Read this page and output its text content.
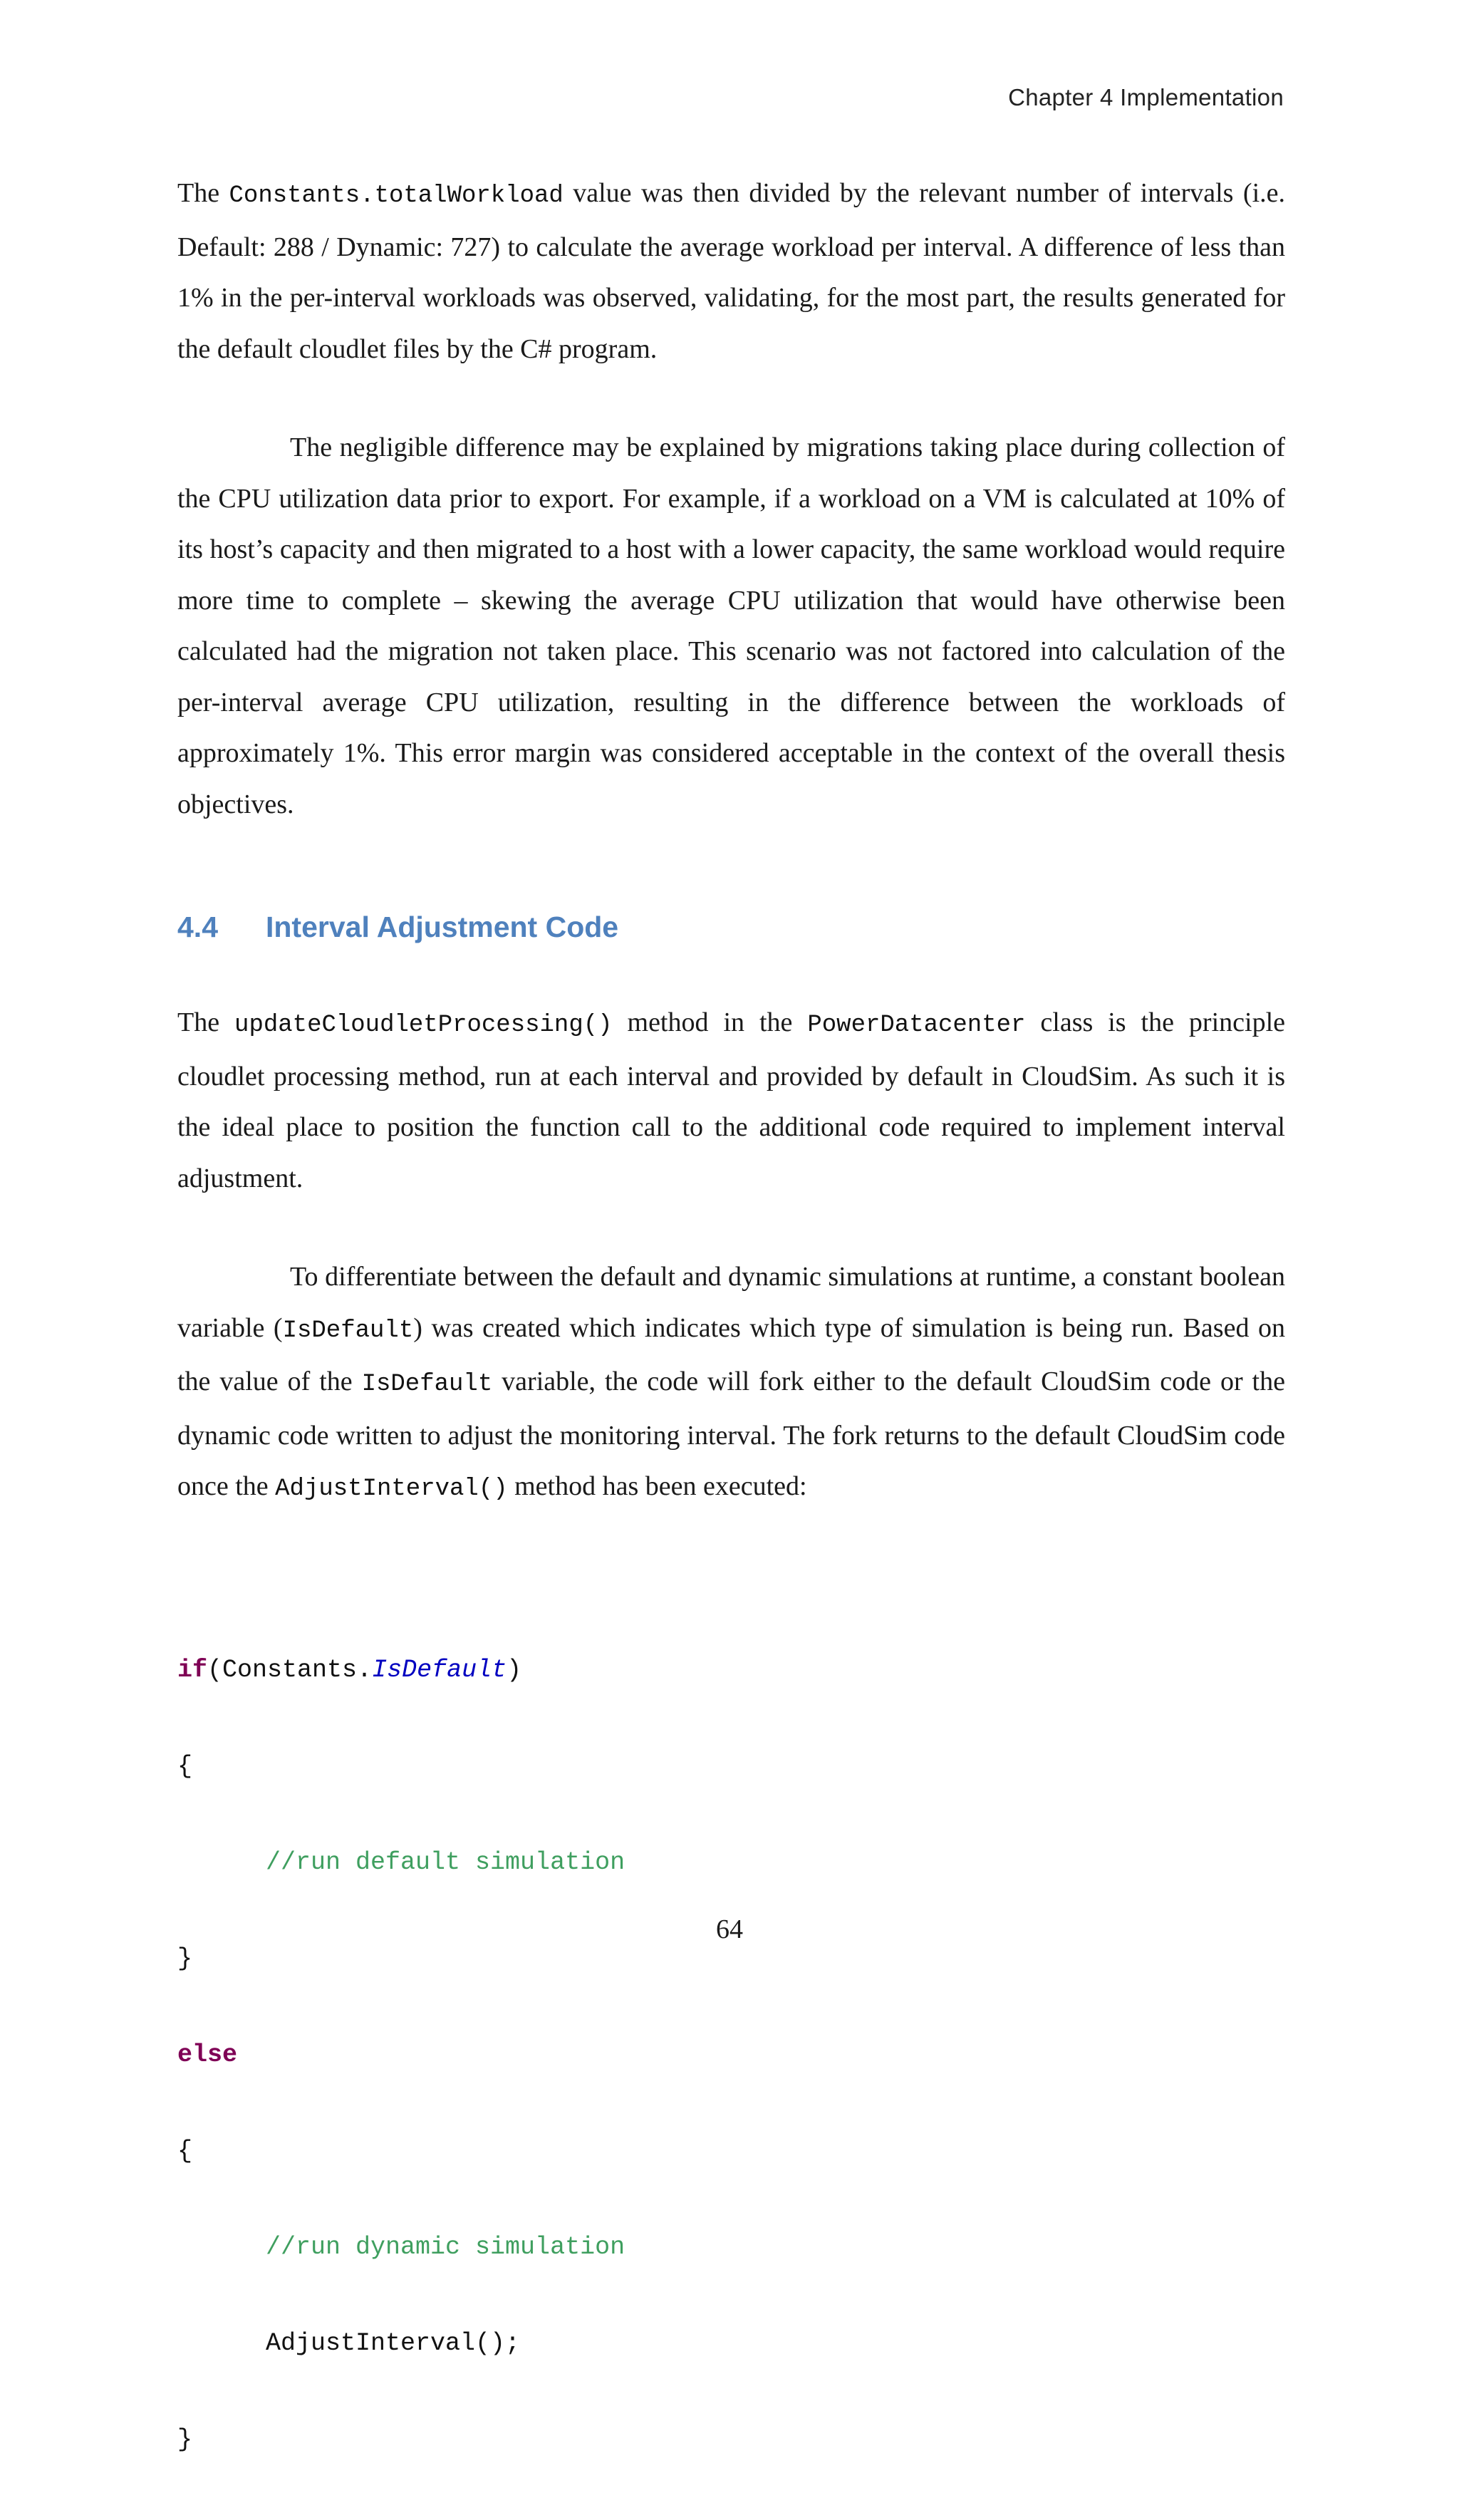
Chapter 4 Implementation

The Constants.totalWorkload value was then divided by the relevant number of intervals (i.e. Default: 288 / Dynamic: 727) to calculate the average workload per interval. A difference of less than 1% in the per-interval workloads was observed, validating, for the most part, the results generated for the default cloudlet files by the C# program.

The negligible difference may be explained by migrations taking place during collection of the CPU utilization data prior to export. For example, if a workload on a VM is calculated at 10% of its host’s capacity and then migrated to a host with a lower capacity, the same workload would require more time to complete – skewing the average CPU utilization that would have otherwise been calculated had the migration not taken place. This scenario was not factored into calculation of the per-interval average CPU utilization, resulting in the difference between the workloads of approximately 1%. This error margin was considered acceptable in the context of the overall thesis objectives.

4.4 Interval Adjustment Code

The updateCloudletProcessing() method in the PowerDatacenter class is the principle cloudlet processing method, run at each interval and provided by default in CloudSim. As such it is the ideal place to position the function call to the additional code required to implement interval adjustment.

To differentiate between the default and dynamic simulations at runtime, a constant boolean variable (IsDefault) was created which indicates which type of simulation is being run. Based on the value of the IsDefault variable, the code will fork either to the default CloudSim code or the dynamic code written to adjust the monitoring interval. The fork returns to the default CloudSim code once the AdjustInterval() method has been executed:

if(Constants.IsDefault)

{

//run default simulation

}

else

{

//run dynamic simulation

AdjustInterval();

}

64
